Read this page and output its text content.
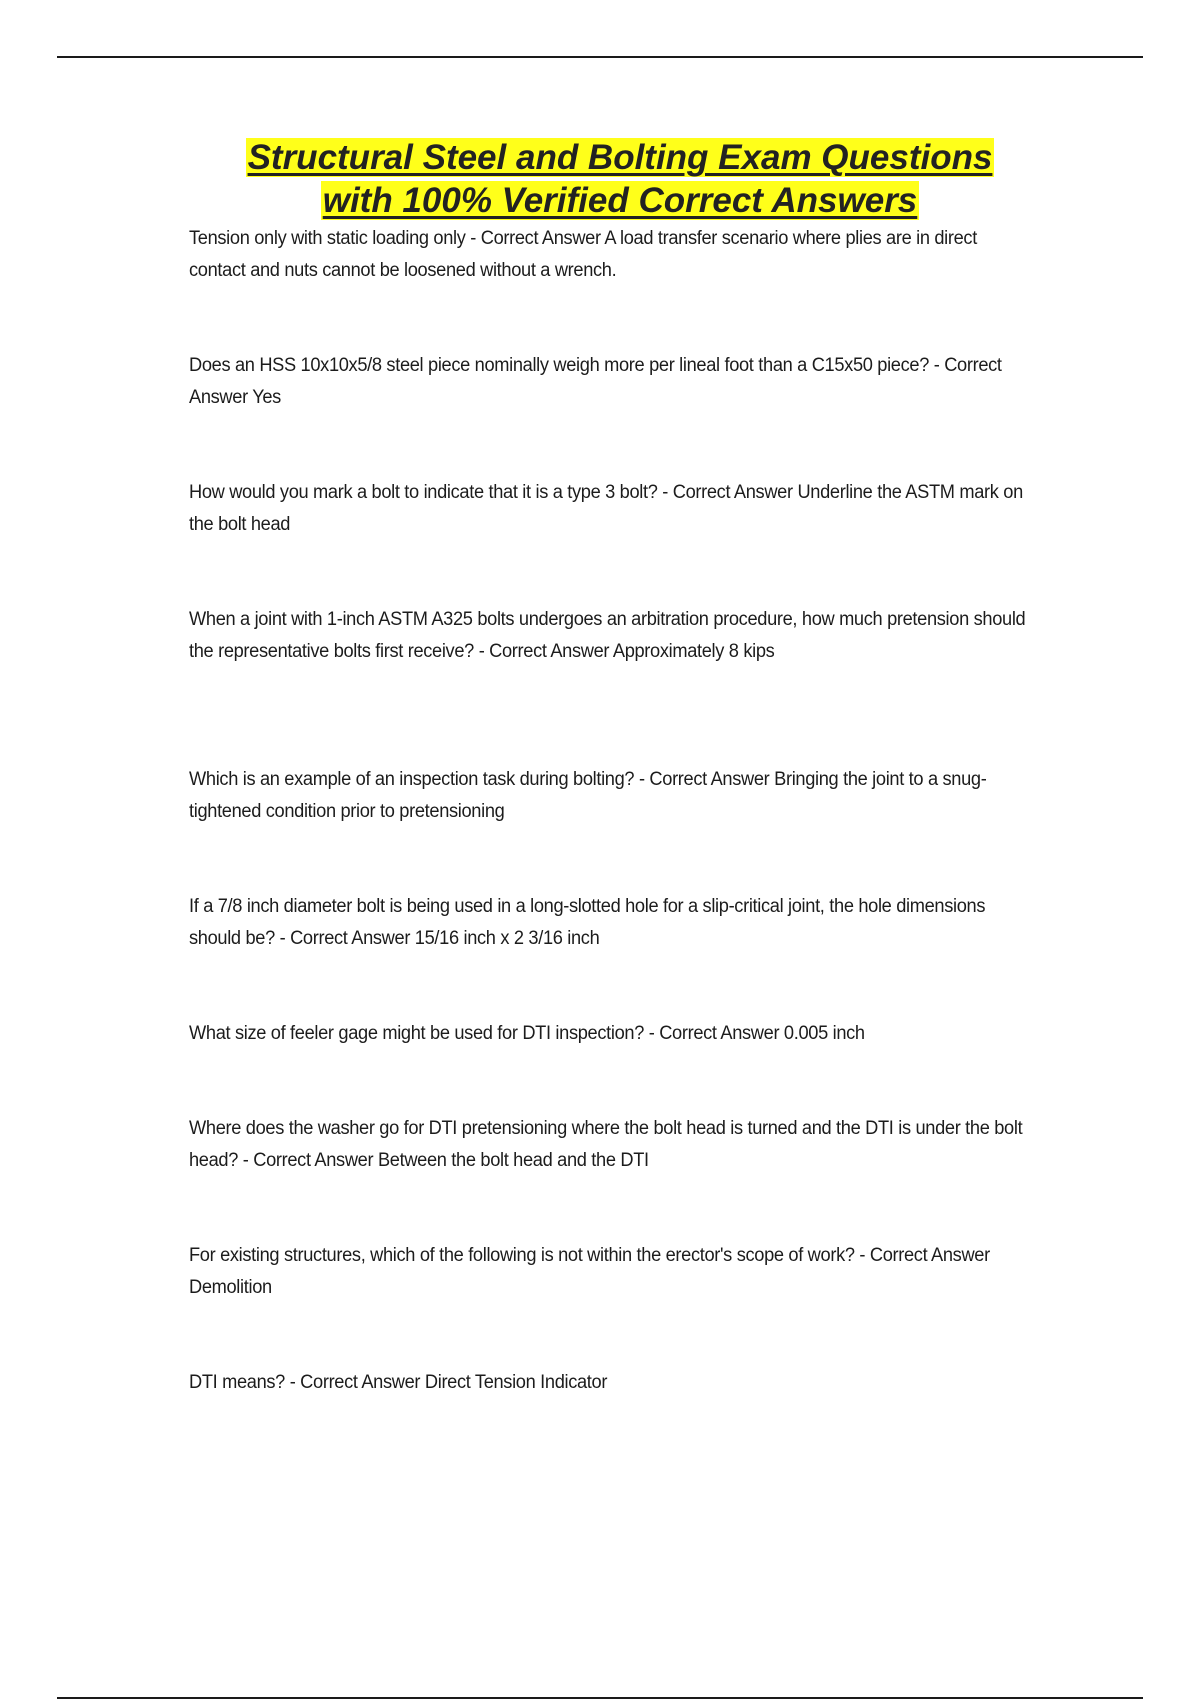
Structural Steel and Bolting Exam Questions
with 100% Verified Correct Answers
Tension only with static loading only - Correct Answer A load transfer scenario where plies are in direct contact and nuts cannot be loosened without a wrench.
Does an HSS 10x10x5/8 steel piece nominally weigh more per lineal foot than a C15x50 piece? - Correct Answer Yes
How would you mark a bolt to indicate that it is a type 3 bolt? - Correct Answer Underline the ASTM mark on the bolt head
When a joint with 1-inch ASTM A325 bolts undergoes an arbitration procedure, how much pretension should the representative bolts first receive? - Correct Answer Approximately 8 kips
Which is an example of an inspection task during bolting? - Correct Answer Bringing the joint to a snug-tightened condition prior to pretensioning
If a 7/8 inch diameter bolt is being used in a long-slotted hole for a slip-critical joint, the hole dimensions should be? - Correct Answer 15/16 inch x 2 3/16 inch
What size of feeler gage might be used for DTI inspection? - Correct Answer 0.005 inch
Where does the washer go for DTI pretensioning where the bolt head is turned and the DTI is under the bolt head? - Correct Answer Between the bolt head and the DTI
For existing structures, which of the following is not within the erector's scope of work? - Correct Answer Demolition
DTI means? - Correct Answer Direct Tension Indicator
